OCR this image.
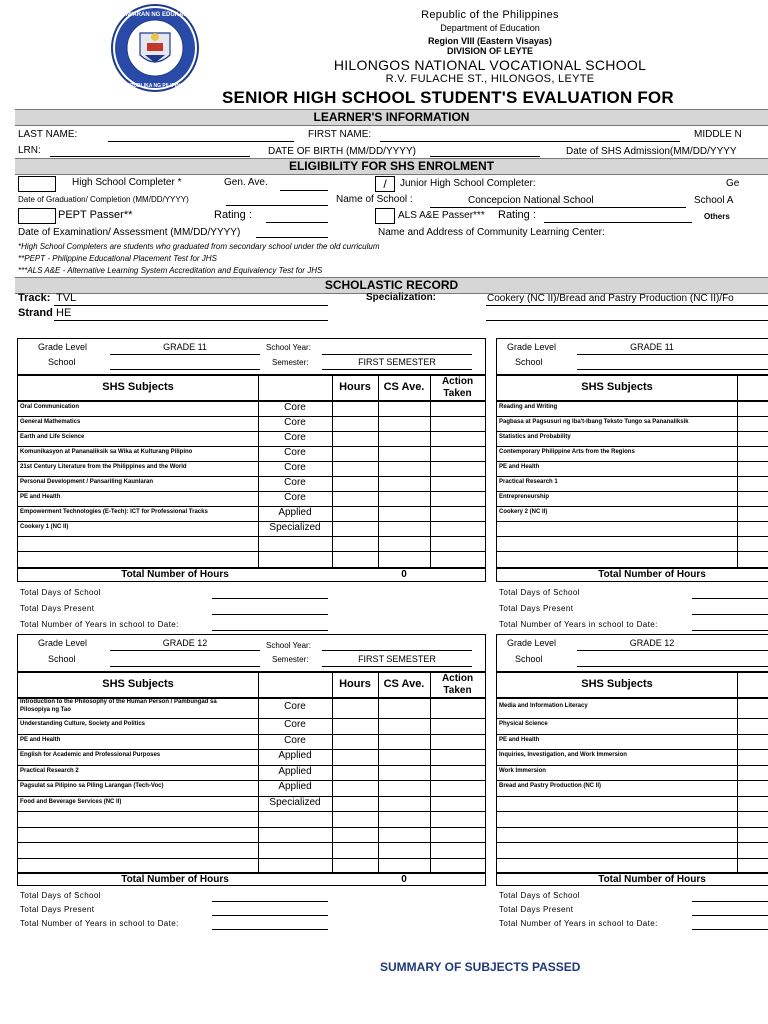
KAGAWARAN NG EDUKASYON
REPUBLIKA NG PILIPINAS
Republic of the Philippines
Department of Education
Region VIII (Eastern Visayas)
DIVISION OF LEYTE
HILONGOS NATIONAL VOCATIONAL SCHOOL
R.V. FULACHE ST., HILONGOS, LEYTE
SENIOR HIGH SCHOOL STUDENT'S EVALUATION FOR
LEARNER'S INFORMATION
LAST NAME:	FIRST NAME:	MIDDLE N
LRN:	DATE OF BIRTH (MM/DD/YYYY)	Date of SHS Admission(MM/DD/YYYY
ELIGIBILITY FOR SHS ENROLMENT
High School Completer *	Gen. Ave.	/	Junior High School Completer:	Ge
Date of Graduation/ Completion (MM/DD/YYYY)	Name of School :	Concepcion National School	School A
PEPT Passer**	Rating :	ALS A&E Passer*** Rating :	Others
Date of Examination/ Assessment (MM/DD/YYYY)	Name and Address of Community Learning Center:
*High School Completers are students who graduated from secondary school under the old curriculum
**PEPT - Philippine Educational Placement Test for JHS
***ALS A&E - Alternative Learning System Accreditation and Equivalency Test for JHS
SCHOLASTIC RECORD
Track: TVL
Strand HE
Specialization:	Cookery (NC II)/Bread and Pastry Production (NC II)/Fo
Grade Level	GRADE 11	School Year:
School	Semester:	FIRST SEMESTER
SHS Subjects	Hours	CS Ave.	Action
Taken
Oral Communication	Core
General Mathematics	Core
Earth and Life Science	Core
Komunikasyon at Pananaliksik sa Wika at Kulturang Pilipino	Core
21st Century Literature from the Philippines and the World	Core
Personal Development / Pansariling Kaunlaran	Core
PE and Health	Core
Empowerment Technologies (E-Tech): ICT for Professional Tracks	Applied
Cookery 1 (NC II)	Specialized
Total Number of Hours	0
Grade Level	GRADE 11
School
SHS Subjects
Reading and Writing
Pagbasa at Pagsusuri ng Iba't-Ibang Teksto Tungo sa Pananaliksik
Statistics and Probability
Contemporary Philippine Arts from the Regions
PE and Health
Practical Research 1
Entrepreneurship
Cookery 2 (NC II)
Total Number of Hours
Total Days of School
Total Days Present
Total Number of Years in school to Date:
Total Days of School
Total Days Present
Total Number of Years in school to Date:
Grade Level	GRADE 12	School Year:
School	Semester:	FIRST SEMESTER
SHS Subjects	Hours	CS Ave.	Action
Taken
Introduction to the Philosophy of the Human Person / Pambungad sa
Pilosopiya ng Tao	Core
Understanding Culture, Society and Politics	Core
PE and Health	Core
English for Academic and Professional Purposes	Applied
Practical Research 2	Applied
Pagsulat sa Pilipino sa Piling Larangan (Tech-Voc)	Applied
Food and Beverage Services (NC II)	Specialized
Total Number of Hours	0
Grade Level	GRADE 12
School
SHS Subjects
Media and Information Literacy
Physical Science
PE and Health
Inquiries, Investigation, and Work Immersion
Work Immersion
Bread and Pastry Production (NC II)
Total Number of Hours
Total Days of School
Total Days Present
Total Number of Years in school to Date:
Total Days of School
Total Days Present
Total Number of Years in school to Date:
SUMMARY OF SUBJECTS PASSED
